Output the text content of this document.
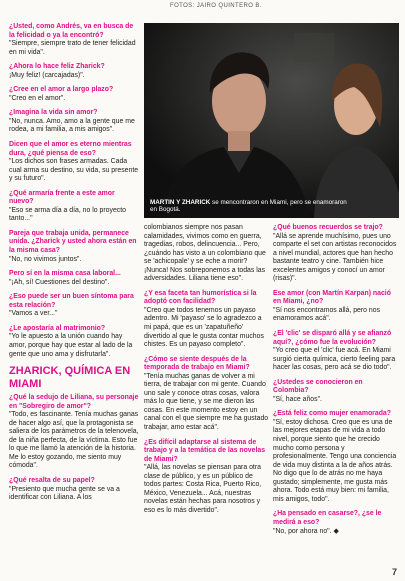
FOTOS: JAIRO QUINTERO B.

¿Usted, como Andrés, va en busca de la felicidad o ya la encontró?
"Siempre, siempre trato de tener felicidad en mi vida".

¿Ahora lo hace feliz Zharick?
¡Muy feliz! (carcajadas)".

¿Cree en el amor a largo plazo?
"Creo en el amor".

¿Imagina la vida sin amor?
"No, nunca. Amo, amo a la gente que me rodea, a mi familia, a mis amigos".

Dicen que el amor es eterno mientras dura, ¿qué piensa de eso?
"Los dichos son frases armadas. Cada cual arma su destino, su vida, su presente y su futuro".

¿Qué armaría frente a este amor nuevo?
"Eso se arma día a día, no lo proyecto tanto..."

Pareja que trabaja unida, permanece unida. ¿Zharick y usted ahora están en la misma casa?
"No, no vivimos juntos".

Pero sí en la misma casa laboral...
"¡Ah, sí! Cuestiones del destino".

¿Eso puede ser un buen síntoma para esta relación?
"Vamos a ver..."

¿Le apostaría al matrimonio?
"Yo le apuesto a la unión cuando hay amor, porque hay que estar al lado de la gente que uno ama y disfrutarla".

ZHARICK, QUÍMICA EN MIAMI

¿Qué la sedujo de Liliana, su personaje en "Sobregiro de amor"?
"Todo, es fascinante. Tenía muchas ganas de hacer algo así, que la protagonista se saliera de los parámetros de la telenovela, de la niña perfecta, de la víctima. Esto fue lo que me llamó la atención de la historia. Me lo estoy gozando, me siento muy cómoda".

¿Qué resalta de su papel?
"Presiento que mucha gente se va a identificar con Liliana. A los

MARTIN Y ZHARICK se mencontraron en Miami, pero se enamoraron en Bogotá.

colombianos siempre nos pasan calamidades, vivimos como en guerra, tragedias, robos, delincuencia... Pero, ¿cuándo has visto a un colombiano que se 'achicopale' y se eche a morir? ¡Nunca! Nos sobreponemos a todas las adversidades. Liliana tiene eso".

¿Y esa faceta tan humorística si la adoptó con facilidad?
"Creo que todos tenemos un payaso adentro. Mi 'payaso' se lo agradezco a mi papá, que es un 'zapatuñeño' divertido al que le gusta contar muchos chistes. Es un payaso completo".

¿Cómo se siente después de la temporada de trabajo en Miami?
"Tenía muchas ganas de volver a mi tierra, de trabajar con mi gente. Cuando uno sale y conoce otras cosas, valora más lo que tiene, y se me dieron las cosas. En este momento estoy en un canal con el que siempre me ha gustado trabajar, amo estar acá".

¿Es difícil adaptarse al sistema de trabajo y a la temática de las novelas de Miami?
"Allá, las novelas se piensan para otra clase de público, y es un público de todos partes: Costa Rica, Puerto Rico, México, Venezuela... Acá, nuestras novelas están hechas para nosotros y eso es lo más divertido".

¿Qué buenos recuerdos se trajo?
"Allá se aprende muchísimo, pues uno comparte el set con artistas reconocidos a nivel mundial, actores que han hecho bastante teatro y cine. También hice excelentes amigos y conocí un amor (risas)".

Ese amor (con Martín Karpan) nació en Miami, ¿no?
"Sí nos encontramos allá, pero nos enamoramos acá".

¿El 'clic' se disparó allá y se afianzó aquí?, ¿cómo fue la evolución?
"Yo creo que el 'clic' fue acá. En Miami surgió cierta química, cierto feeling para hacer las cosas, pero acá se dio todo".

¿Ustedes se conocieron en Colombia?
"Sí, hace años".

¿Está feliz como mujer enamorada?
"Sí, estoy dichosa. Creo que es una de las mejores etapas de mi vida a todo nivel, porque siento que he crecido mucho como persona y profesionalmente. Tengo una conciencia de vida muy distinta a la de años atrás. No digo que lo de atrás no me haya gustado; simplemente, me gusta más ahora. Todo está muy bien: mi familia, mis amigos, todo".

¿Ha pensado en casarse?, ¿se le medirá a eso?
"No, por ahora no". ◆

7
